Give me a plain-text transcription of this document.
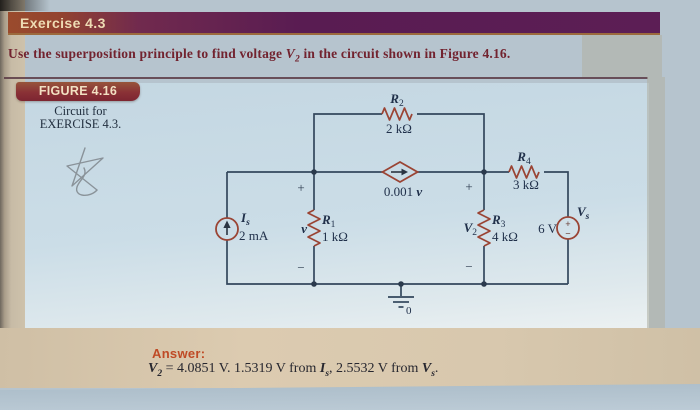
Exercise 4.3

Use the superposition principle to find voltage $V_2$ in the circuit shown in Figure 4.16.

FIGURE 4.16
Circuit for
EXERCISE 4.3.
+
−
0
$R_2$
2 kΩ
0.001 v
+
−
v
$R_1$
1 kΩ
$I_s$
2 mA
+
−
$V_2$
$R_3$
4 kΩ
$R_4$
3 kΩ
6 V
$V_s$
Answer:
$V_2 = 4.0851$ V. 1.5319 V from $I_s$, 2.5532 V from $V_s$.
